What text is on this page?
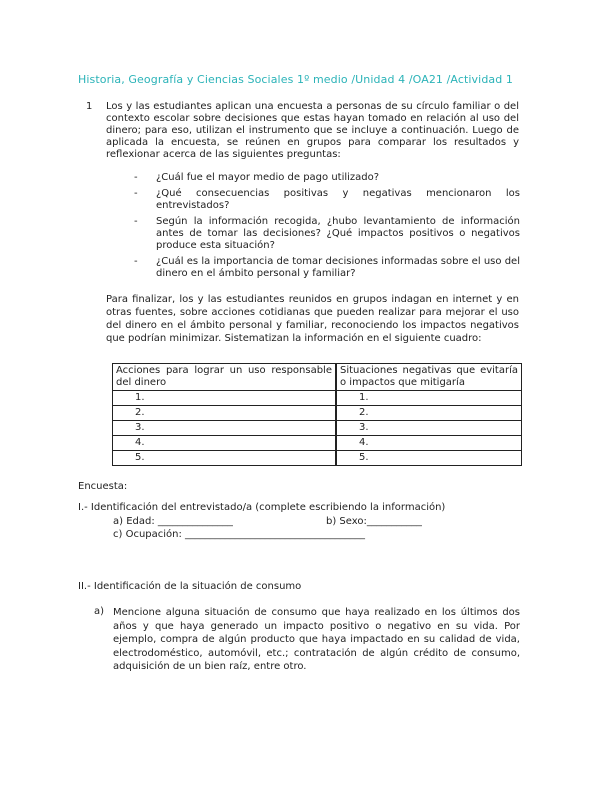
Historia, Geografía y Ciencias Sociales 1º medio /Unidad 4 /OA21 /Actividad 1
1 Los y las estudiantes aplican una encuesta a personas de su círculo familiar o del contexto escolar sobre decisiones que estas hayan tomado en relación al uso del dinero; para eso, utilizan el instrumento que se incluye a continuación. Luego de aplicada la encuesta, se reúnen en grupos para comparar los resultados y reflexionar acerca de las siguientes preguntas:
- ¿Cuál fue el mayor medio de pago utilizado?
- ¿Qué consecuencias positivas y negativas mencionaron los entrevistados?
- Según la información recogida, ¿hubo levantamiento de información antes de tomar las decisiones? ¿Qué impactos positivos o negativos produce esta situación?
- ¿Cuál es la importancia de tomar decisiones informadas sobre el uso del dinero en el ámbito personal y familiar?
Para finalizar, los y las estudiantes reunidos en grupos indagan en internet y en otras fuentes, sobre acciones cotidianas que pueden realizar para mejorar el uso del dinero en el ámbito personal y familiar, reconociendo los impactos negativos que podrían minimizar. Sistematizan la información en el siguiente cuadro:
Acciones para lograr un uso responsable del dinero	Situaciones negativas que evitaría o impactos que mitigaría
1.	1.
2.	2.
3.	3.
4.	4.
5.	5.
Encuesta:
I.- Identificación del entrevistado/a (complete escribiendo la información)
a) Edad: _______________	b) Sexo:___________
c) Ocupación: ____________________________________
II.- Identificación de la situación de consumo
a) Mencione alguna situación de consumo que haya realizado en los últimos dos años y que haya generado un impacto positivo o negativo en su vida. Por ejemplo, compra de algún producto que haya impactado en su calidad de vida, electrodoméstico, automóvil, etc.; contratación de algún crédito de consumo, adquisición de un bien raíz, entre otro.
